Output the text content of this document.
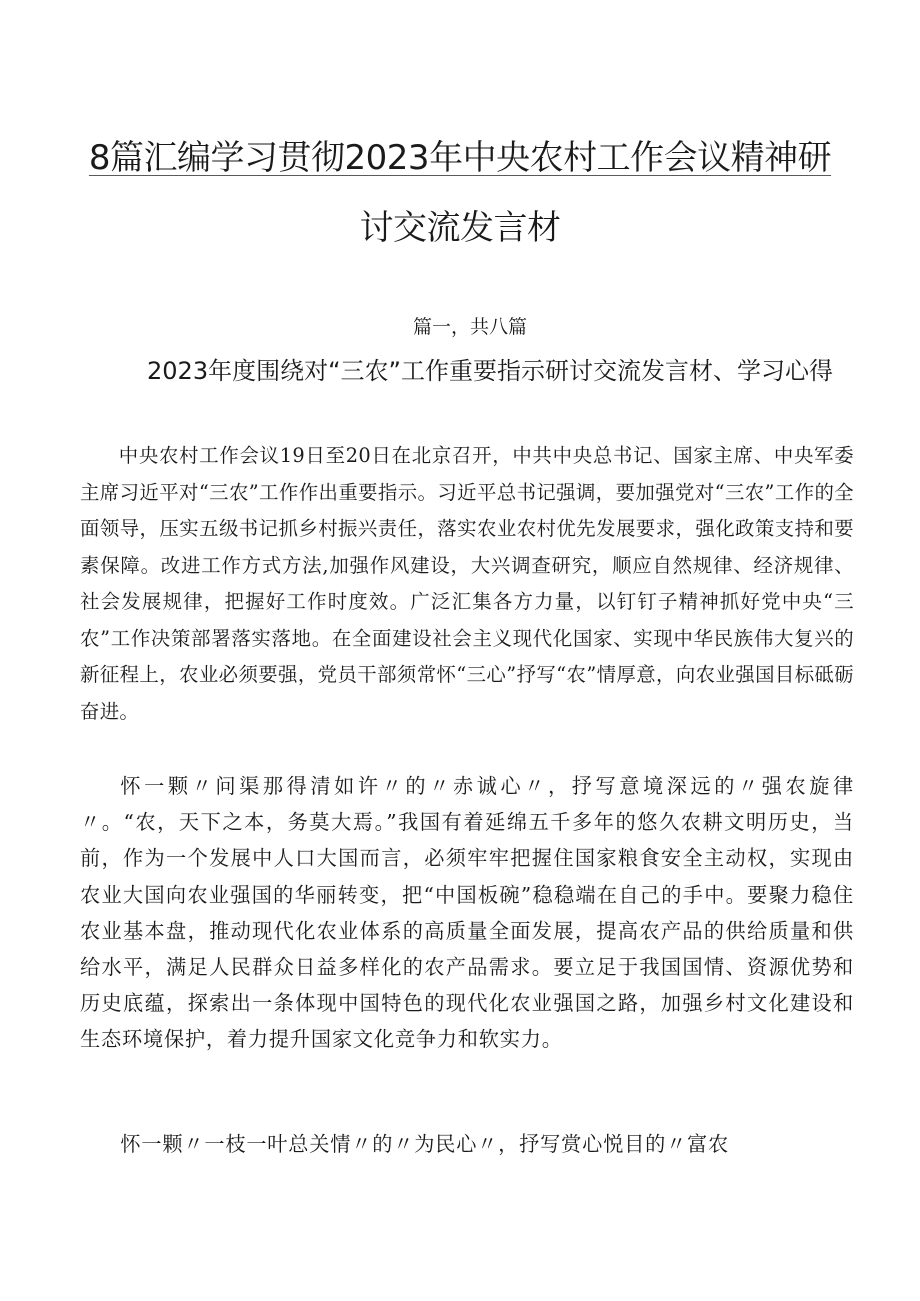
8篇汇编学习贯彻2023年中央农村工作会议精神研
讨交流发言材

篇一，共八篇

2023年度围绕对“三农”工作重要指示研讨交流发言材、学习心得

中央农村工作会议19日至20日在北京召开，中共中央总书记、国家主席、中央军委主席习近平对“三农”工作作出重要指示。习近平总书记强调，要加强党对“三农”工作的全面领导，压实五级书记抓乡村振兴责任，落实农业农村优先发展要求，强化政策支持和要素保障。改进工作方式方法,加强作风建设，大兴调查研究，顺应自然规律、经济规律、社会发展规律，把握好工作时度效。广泛汇集各方力量，以钉钉子精神抓好党中央“三农”工作决策部署落实落地。在全面建设社会主义现代化国家、实现中华民族伟大复兴的新征程上，农业必须要强，党员干部须常怀“三心”抒写“农”情厚意，向农业强国目标砥砺奋进。

怀一颗〃问渠那得清如许〃的〃赤诚心〃，抒写意境深远的〃强农旋律〃。“农，天下之本，务莫大焉。”我国有着延绵五千多年的悠久农耕文明历史，当前，作为一个发展中人口大国而言，必须牢牢把握住国家粮食安全主动权，实现由农业大国向农业强国的华丽转变，把“中国板碗”稳稳端在自己的手中。要聚力稳住农业基本盘，推动现代化农业体系的高质量全面发展，提高农产品的供给质量和供给水平，满足人民群众日益多样化的农产品需求。要立足于我国国情、资源优势和历史底蕴，探索出一条体现中国特色的现代化农业强国之路，加强乡村文化建设和生态环境保护，着力提升国家文化竞争力和软实力。

怀一颗〃一枝一叶总关情〃的〃为民心〃，抒写赏心悦目的〃富农
